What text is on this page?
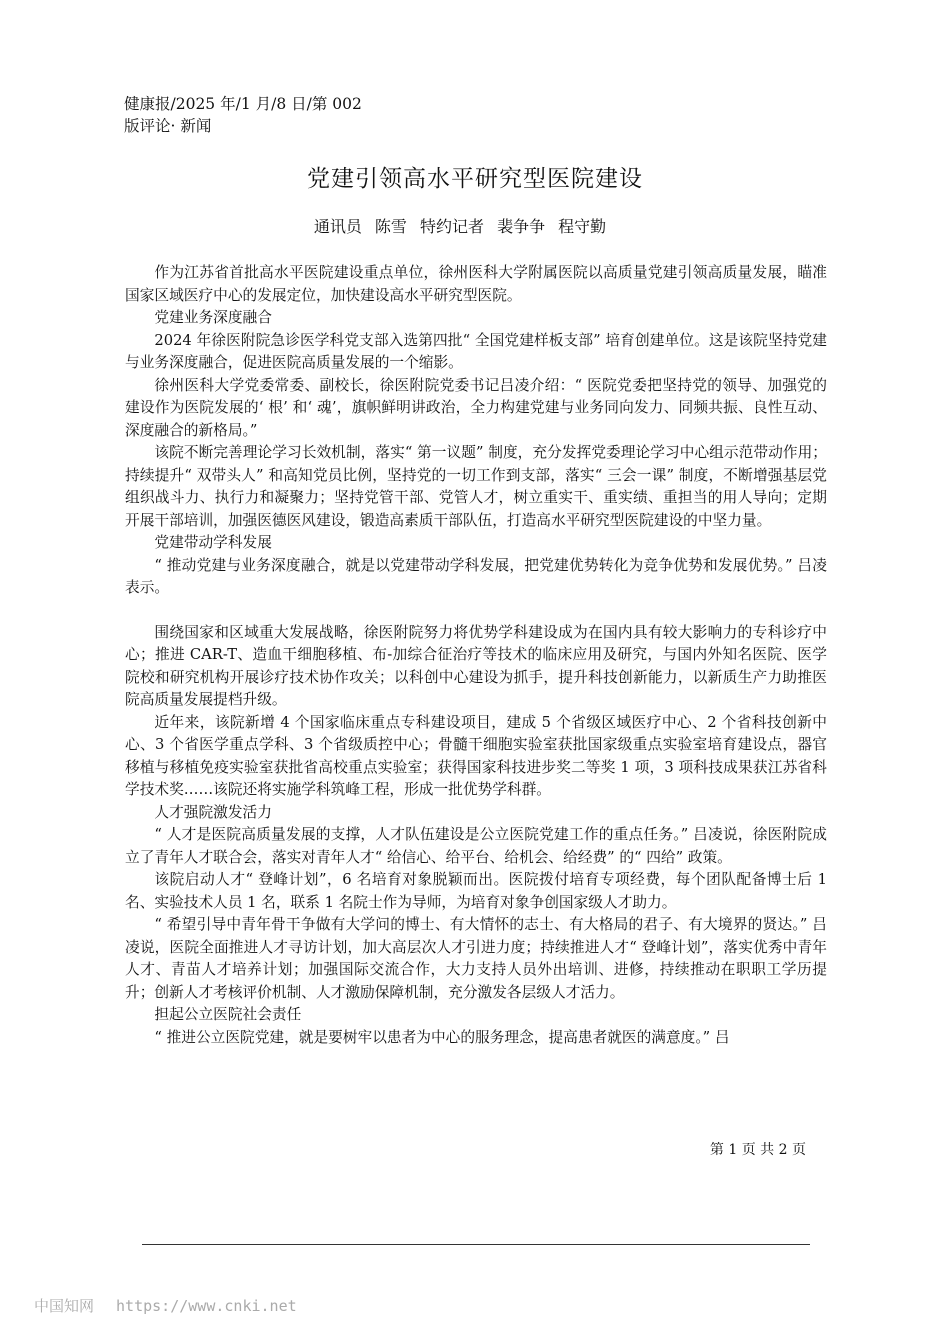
健康报/2025 年/1 月/8 日/第 002
版评论· 新闻
党建引领高水平研究型医院建设
通讯员 陈雪 特约记者 裴争争 程守勤

作为江苏省首批高水平医院建设重点单位，徐州医科大学附属医院以高质量党建引领高质量发展，瞄准国家区域医疗中心的发展定位，加快建设高水平研究型医院。

党建业务深度融合

2024 年徐医附院急诊医学科党支部入选第四批“ 全国党建样板支部” 培育创建单位。这是该院坚持党建与业务深度融合，促进医院高质量发展的一个缩影。

徐州医科大学党委常委、副校长，徐医附院党委书记吕凌介绍：“ 医院党委把坚持党的领导、加强党的建设作为医院发展的‘ 根’ 和‘ 魂’，旗帜鲜明讲政治，全力构建党建与业务同向发力、同频共振、良性互动、深度融合的新格局。”

该院不断完善理论学习长效机制，落实“ 第一议题” 制度，充分发挥党委理论学习中心组示范带动作用；持续提升“ 双带头人” 和高知党员比例，坚持党的一切工作到支部，落实“ 三会一课” 制度，不断增强基层党组织战斗力、执行力和凝聚力；坚持党管干部、党管人才，树立重实干、重实绩、重担当的用人导向；定期开展干部培训，加强医德医风建设，锻造高素质干部队伍，打造高水平研究型医院建设的中坚力量。

党建带动学科发展

“ 推动党建与业务深度融合，就是以党建带动学科发展，把党建优势转化为竞争优势和发展优势。” 吕凌表示。

围绕国家和区域重大发展战略，徐医附院努力将优势学科建设成为在国内具有较大影响力的专科诊疗中心；推进 CAR-T、造血干细胞移植、布-加综合征治疗等技术的临床应用及研究，与国内外知名医院、医学院校和研究机构开展诊疗技术协作攻关；以科创中心建设为抓手，提升科技创新能力，以新质生产力助推医院高质量发展提档升级。

近年来，该院新增 4 个国家临床重点专科建设项目，建成 5 个省级区域医疗中心、2 个省科技创新中心、3 个省医学重点学科、3 个省级质控中心；骨髓干细胞实验室获批国家级重点实验室培育建设点，器官移植与移植免疫实验室获批省高校重点实验室；获得国家科技进步奖二等奖 1 项，3 项科技成果获江苏省科学技术奖……该院还将实施学科筑峰工程，形成一批优势学科群。

人才强院激发活力

“ 人才是医院高质量发展的支撑，人才队伍建设是公立医院党建工作的重点任务。” 吕凌说，徐医附院成立了青年人才联合会，落实对青年人才“ 给信心、给平台、给机会、给经费” 的“ 四给” 政策。

该院启动人才“ 登峰计划”，6 名培育对象脱颖而出。医院拨付培育专项经费，每个团队配备博士后 1 名、实验技术人员 1 名，联系 1 名院士作为导师，为培育对象争创国家级人才助力。

“ 希望引导中青年骨干争做有大学问的博士、有大情怀的志士、有大格局的君子、有大境界的贤达。” 吕凌说，医院全面推进人才寻访计划，加大高层次人才引进力度；持续推进人才“ 登峰计划”，落实优秀中青年人才、青苗人才培养计划；加强国际交流合作，大力支持人员外出培训、进修，持续推动在职职工学历提升；创新人才考核评价机制、人才激励保障机制，充分激发各层级人才活力。

担起公立医院社会责任

“ 推进公立医院党建，就是要树牢以患者为中心的服务理念，提高患者就医的满意度。” 吕

第 1 页 共 2 页
中国知网 https://www.cnki.net
